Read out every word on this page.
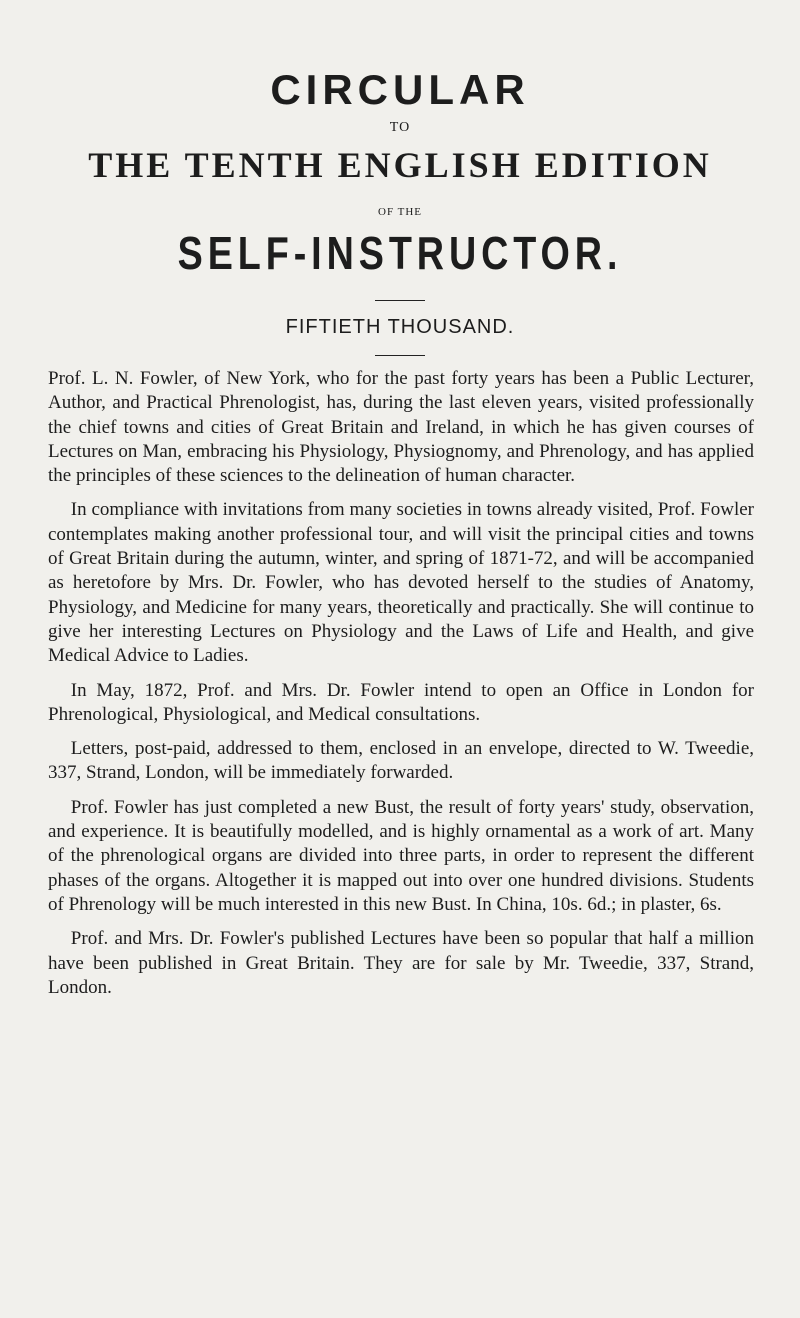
CIRCULAR
TO
THE TENTH ENGLISH EDITION
OF THE
SELF-INSTRUCTOR.
FIFTIETH THOUSAND.

Prof. L. N. Fowler, of New York, who for the past forty years has been a Public Lecturer, Author, and Practical Phrenologist, has, during the last eleven years, visited professionally the chief towns and cities of Great Britain and Ireland, in which he has given courses of Lectures on Man, embracing his Physiology, Physiognomy, and Phrenology, and has applied the principles of these sciences to the delineation of human character.

In compliance with invitations from many societies in towns already visited, Prof. Fowler contemplates making another professional tour, and will visit the principal cities and towns of Great Britain during the autumn, winter, and spring of 1871-72, and will be accompanied as heretofore by Mrs. Dr. Fowler, who has devoted herself to the studies of Anatomy, Physiology, and Medicine for many years, theoretically and practically. She will continue to give her interesting Lectures on Physiology and the Laws of Life and Health, and give Medical Advice to Ladies.

In May, 1872, Prof. and Mrs. Dr. Fowler intend to open an Office in London for Phrenological, Physiological, and Medical consultations.

Letters, post-paid, addressed to them, enclosed in an envelope, directed to W. Tweedie, 337, Strand, London, will be immediately forwarded.

Prof. Fowler has just completed a new Bust, the result of forty years' study, observation, and experience. It is beautifully modelled, and is highly ornamental as a work of art. Many of the phrenological organs are divided into three parts, in order to represent the different phases of the organs. Altogether it is mapped out into over one hundred divisions. Students of Phrenology will be much interested in this new Bust. In China, 10s. 6d.; in plaster, 6s.

Prof. and Mrs. Dr. Fowler's published Lectures have been so popular that half a million have been published in Great Britain. They are for sale by Mr. Tweedie, 337, Strand, London.
